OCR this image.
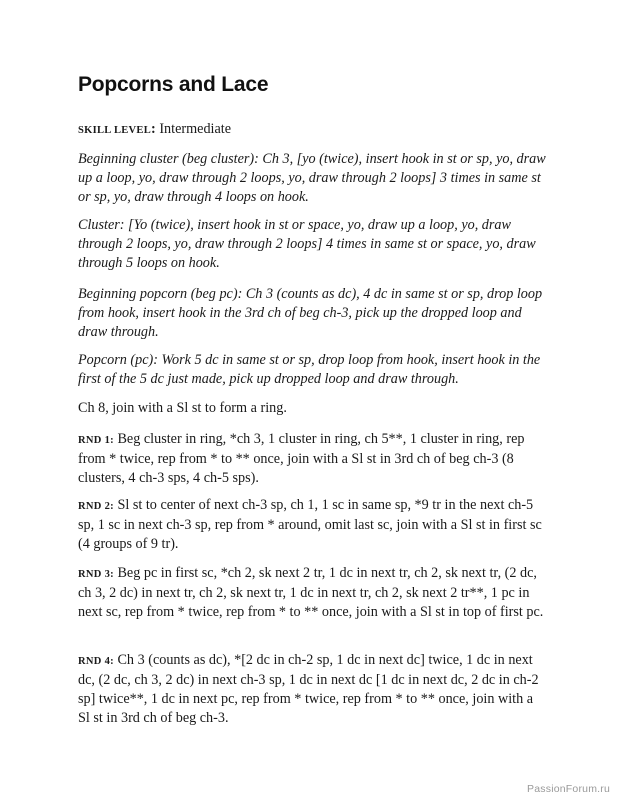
Popcorns and Lace
SKILL LEVEL: Intermediate
Beginning cluster (beg cluster): Ch 3, [yo (twice), insert hook in st or sp, yo, draw up a loop, yo, draw through 2 loops, yo, draw through 2 loops] 3 times in same st or sp, yo, draw through 4 loops on hook.
Cluster: [Yo (twice), insert hook in st or space, yo, draw up a loop, yo, draw through 2 loops, yo, draw through 2 loops] 4 times in same st or space, yo, draw through 5 loops on hook.
Beginning popcorn (beg pc): Ch 3 (counts as dc), 4 dc in same st or sp, drop loop from hook, insert hook in the 3rd ch of beg ch-3, pick up the dropped loop and draw through.
Popcorn (pc): Work 5 dc in same st or sp, drop loop from hook, insert hook in the first of the 5 dc just made, pick up dropped loop and draw through.
Ch 8, join with a Sl st to form a ring.
RND 1: Beg cluster in ring, *ch 3, 1 cluster in ring, ch 5**, 1 cluster in ring, rep from * twice, rep from * to ** once, join with a Sl st in 3rd ch of beg ch-3 (8 clusters, 4 ch-3 sps, 4 ch-5 sps).
RND 2: Sl st to center of next ch-3 sp, ch 1, 1 sc in same sp, *9 tr in the next ch-5 sp, 1 sc in next ch-3 sp, rep from * around, omit last sc, join with a Sl st in first sc (4 groups of 9 tr).
RND 3: Beg pc in first sc, *ch 2, sk next 2 tr, 1 dc in next tr, ch 2, sk next tr, (2 dc, ch 3, 2 dc) in next tr, ch 2, sk next tr, 1 dc in next tr, ch 2, sk next 2 tr**, 1 pc in next sc, rep from * twice, rep from * to ** once, join with a Sl st in top of first pc.
RND 4: Ch 3 (counts as dc), *[2 dc in ch-2 sp, 1 dc in next dc] twice, 1 dc in next dc, (2 dc, ch 3, 2 dc) in next ch-3 sp, 1 dc in next dc [1 dc in next dc, 2 dc in ch-2 sp] twice**, 1 dc in next pc, rep from * twice, rep from * to ** once, join with a Sl st in 3rd ch of beg ch-3.
PassionForum.ru
